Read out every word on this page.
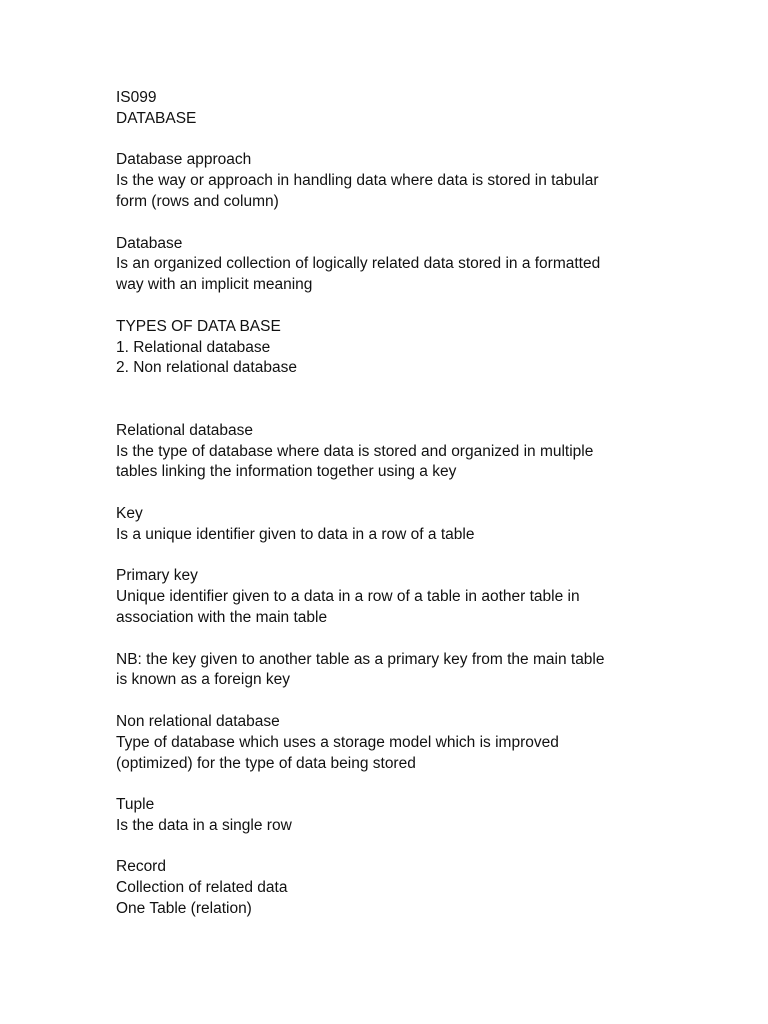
IS099
DATABASE
Database approach
Is the way or approach in handling data where data is stored in tabular
form (rows and column)
Database
Is an organized collection of logically related data stored in a formatted
way with an implicit meaning
TYPES OF DATA BASE
1. Relational database
2. Non relational database
Relational database
Is the type of database where data is stored and organized in multiple
tables linking the information together using a key
Key
Is a unique identifier given to data in a row of a table
Primary key
Unique identifier given to a data in a row of a table in aother table in
association with the main table
NB: the key given to another table as a primary key from the main table
is known as a foreign key
Non relational database
Type of database which uses a storage model which is improved
(optimized) for the type of data being stored
Tuple
Is the data in a single row
Record
Collection of related data
One Table (relation)
